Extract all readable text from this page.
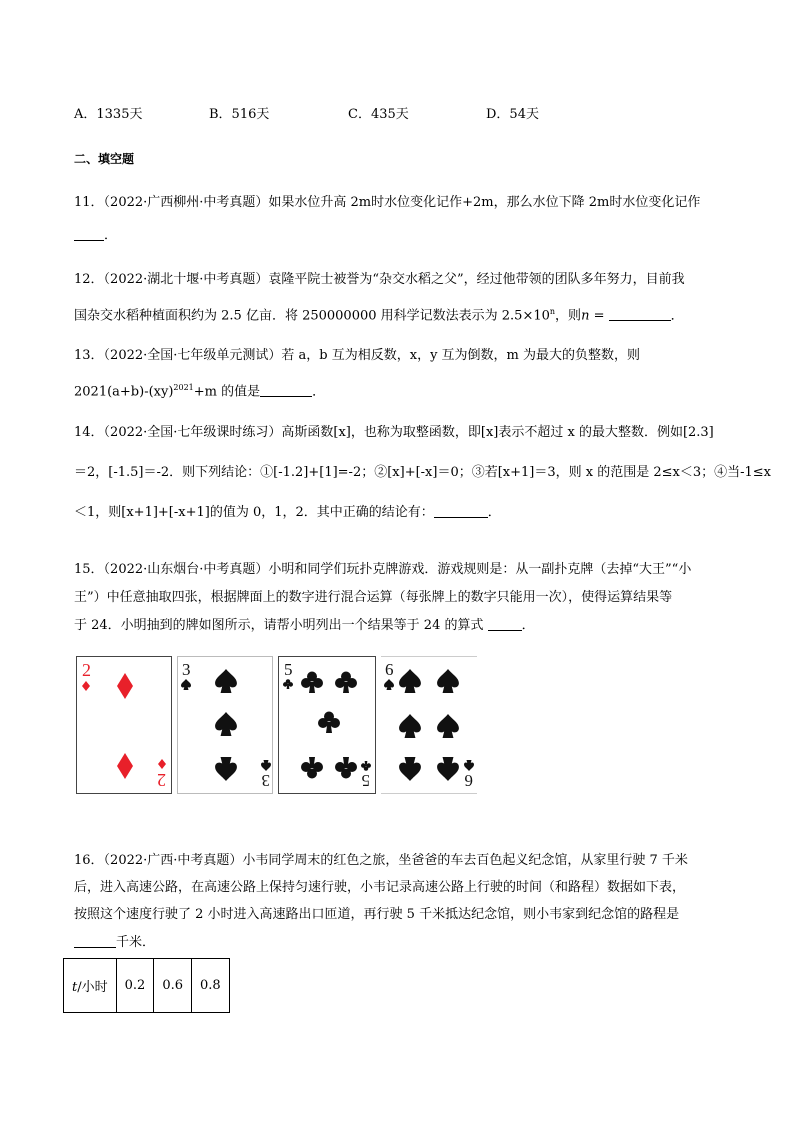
A．1335天	B．516天	C．435天	D．54天
二、填空题
11．（2022·广西柳州·中考真题）如果水位升高 2m时水位变化记作+2m，那么水位下降 2m时水位变化记作
．
12．（2022·湖北十堰·中考真题）袁隆平院士被誉为“杂交水稻之父”，经过他带领的团队多年努力，目前我
国杂交水稻种植面积约为 2.5 亿亩．将 250000000 用科学记数法表示为 $2.5\times 10^n$，则n =	．
13．（2022·全国·七年级单元测试）若 a，b 互为相反数，x，y 互为倒数，m 为最大的负整数，则
2021(a+b)-(xy)$^{2021}$+m 的值是	．
14．（2022·全国·七年级课时练习）高斯函数[x]，也称为取整函数，即[x]表示不超过 x 的最大整数．例如[2.3]
＝2，[-1.5]＝-2．则下列结论：①[-1.2]+[1]=-2；②[x]+[-x]＝0；③若[x+1]＝3，则 x 的范围是 2≤x＜3；④当-1≤x
＜1，则[x+1]+[-x+1]的值为 0，1，2．其中正确的结论有：	．
15．（2022·山东烟台·中考真题）小明和同学们玩扑克牌游戏．游戏规则是：从一副扑克牌（去掉“大王”“小
王”）中任意抽取四张，根据牌面上的数字进行混合运算（每张牌上的数字只能用一次），使得运算结果等
于 24．小明抽到的牌如图所示，请帮小明列出一个结果等于 24 的算式	．
2
2
3
3
5
5
6
6
16．（2022·广西·中考真题）小韦同学周末的红色之旅，坐爸爸的车去百色起义纪念馆，从家里行驶 7 千米
后，进入高速公路，在高速公路上保持匀速行驶，小韦记录高速公路上行驶的时间（和路程）数据如下表，
按照这个速度行驶了 2 小时进入高速路出口匝道，再行驶 5 千米抵达纪念馆，则小韦家到纪念馆的路程是
千米．
t/小时	0.2	0.6	0.8
